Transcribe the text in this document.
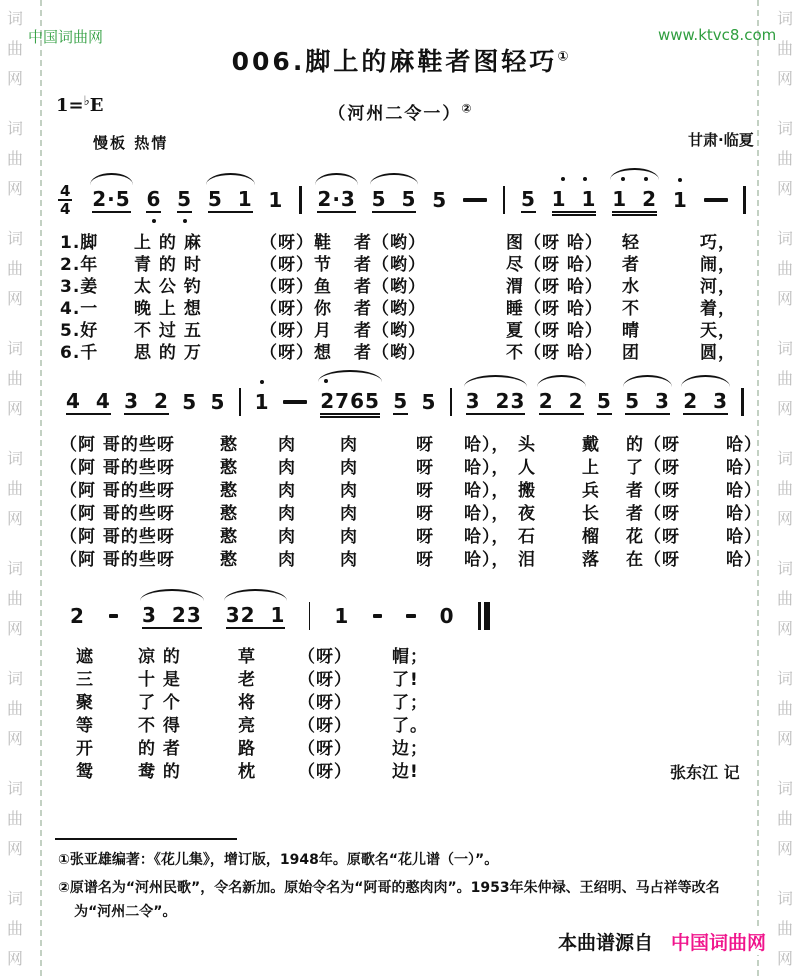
词
曲
网
词
曲
网
词
曲
网
词
曲
网
词
曲
网
词
曲
网
词
曲
网
词
曲
网
词
曲
网
词
曲
网
词
曲
网
词
曲
网
词
曲
网
词
曲
网
词
曲
网
词
曲
网
词
曲
网
词
曲
网
中国词曲网	www.ktvc8.com
006.脚上的麻鞋者图轻巧①
1=♭E	（河州二令一）②
慢板 热情	甘肃·临夏
$\frac{4}{4} 2\cdot 5$ 6 5 5 1 1 2·3 5 5 5	5 1 1 1 2 1
1.脚	上 的 麻	（呀）鞋	者（哟）	图（呀 哈）	轻	巧，
2.年	青 的 时	（呀）节	者（哟）	尽（呀 哈）	者	闹，
3.姜	太 公 钓	（呀）鱼	者（哟）	渭（呀 哈）	水	河，
4.一	晚 上 想	（呀）你	者（哟）	睡（呀 哈）	不	着，
5.好	不 过 五	（呀）月	者（哟）	夏（呀 哈）	晴	天，
6.千	思 的 万	（呀）想	者（哟）	不（呀 哈）	团	圆，
4 4 3 2 5 5 1	2765 5 5 3 23 2 2 5 5 3 2 3
（阿 哥的些呀	憨	肉	肉	呀	哈）， 头	戴	的（呀	哈）
（阿 哥的些呀	憨	肉	肉	呀	哈）， 人	上	了（呀	哈）
（阿 哥的些呀	憨	肉	肉	呀	哈）， 搬	兵	者（呀	哈）
（阿 哥的些呀	憨	肉	肉	呀	哈）， 夜	长	者（呀	哈）
（阿 哥的些呀	憨	肉	肉	呀	哈）， 石	榴	花（呀	哈）
（阿 哥的些呀	憨	肉	肉	呀	哈）， 泪	落	在（呀	哈）
2	3 23 32 1 1	0
遮	凉 的	草	（呀）	帽；
三	十 是	老	（呀）	了!
聚	了 个	将	（呀）	了；
等	不 得	亮	（呀）	了。
开	的 者	路	（呀）	边；
鸳	鸯 的	枕	（呀）	边!	张东江 记

①张亚雄编著：《花儿集》，增订版，1948年。原歌名“花儿谱（一）”。

②原谱名为“河州民歌”，令名新加。原始令名为“阿哥的憨肉肉”。1953年朱仲禄、王绍明、马占祥等改名为“河州二令”。

本曲谱源自 中国词曲网
